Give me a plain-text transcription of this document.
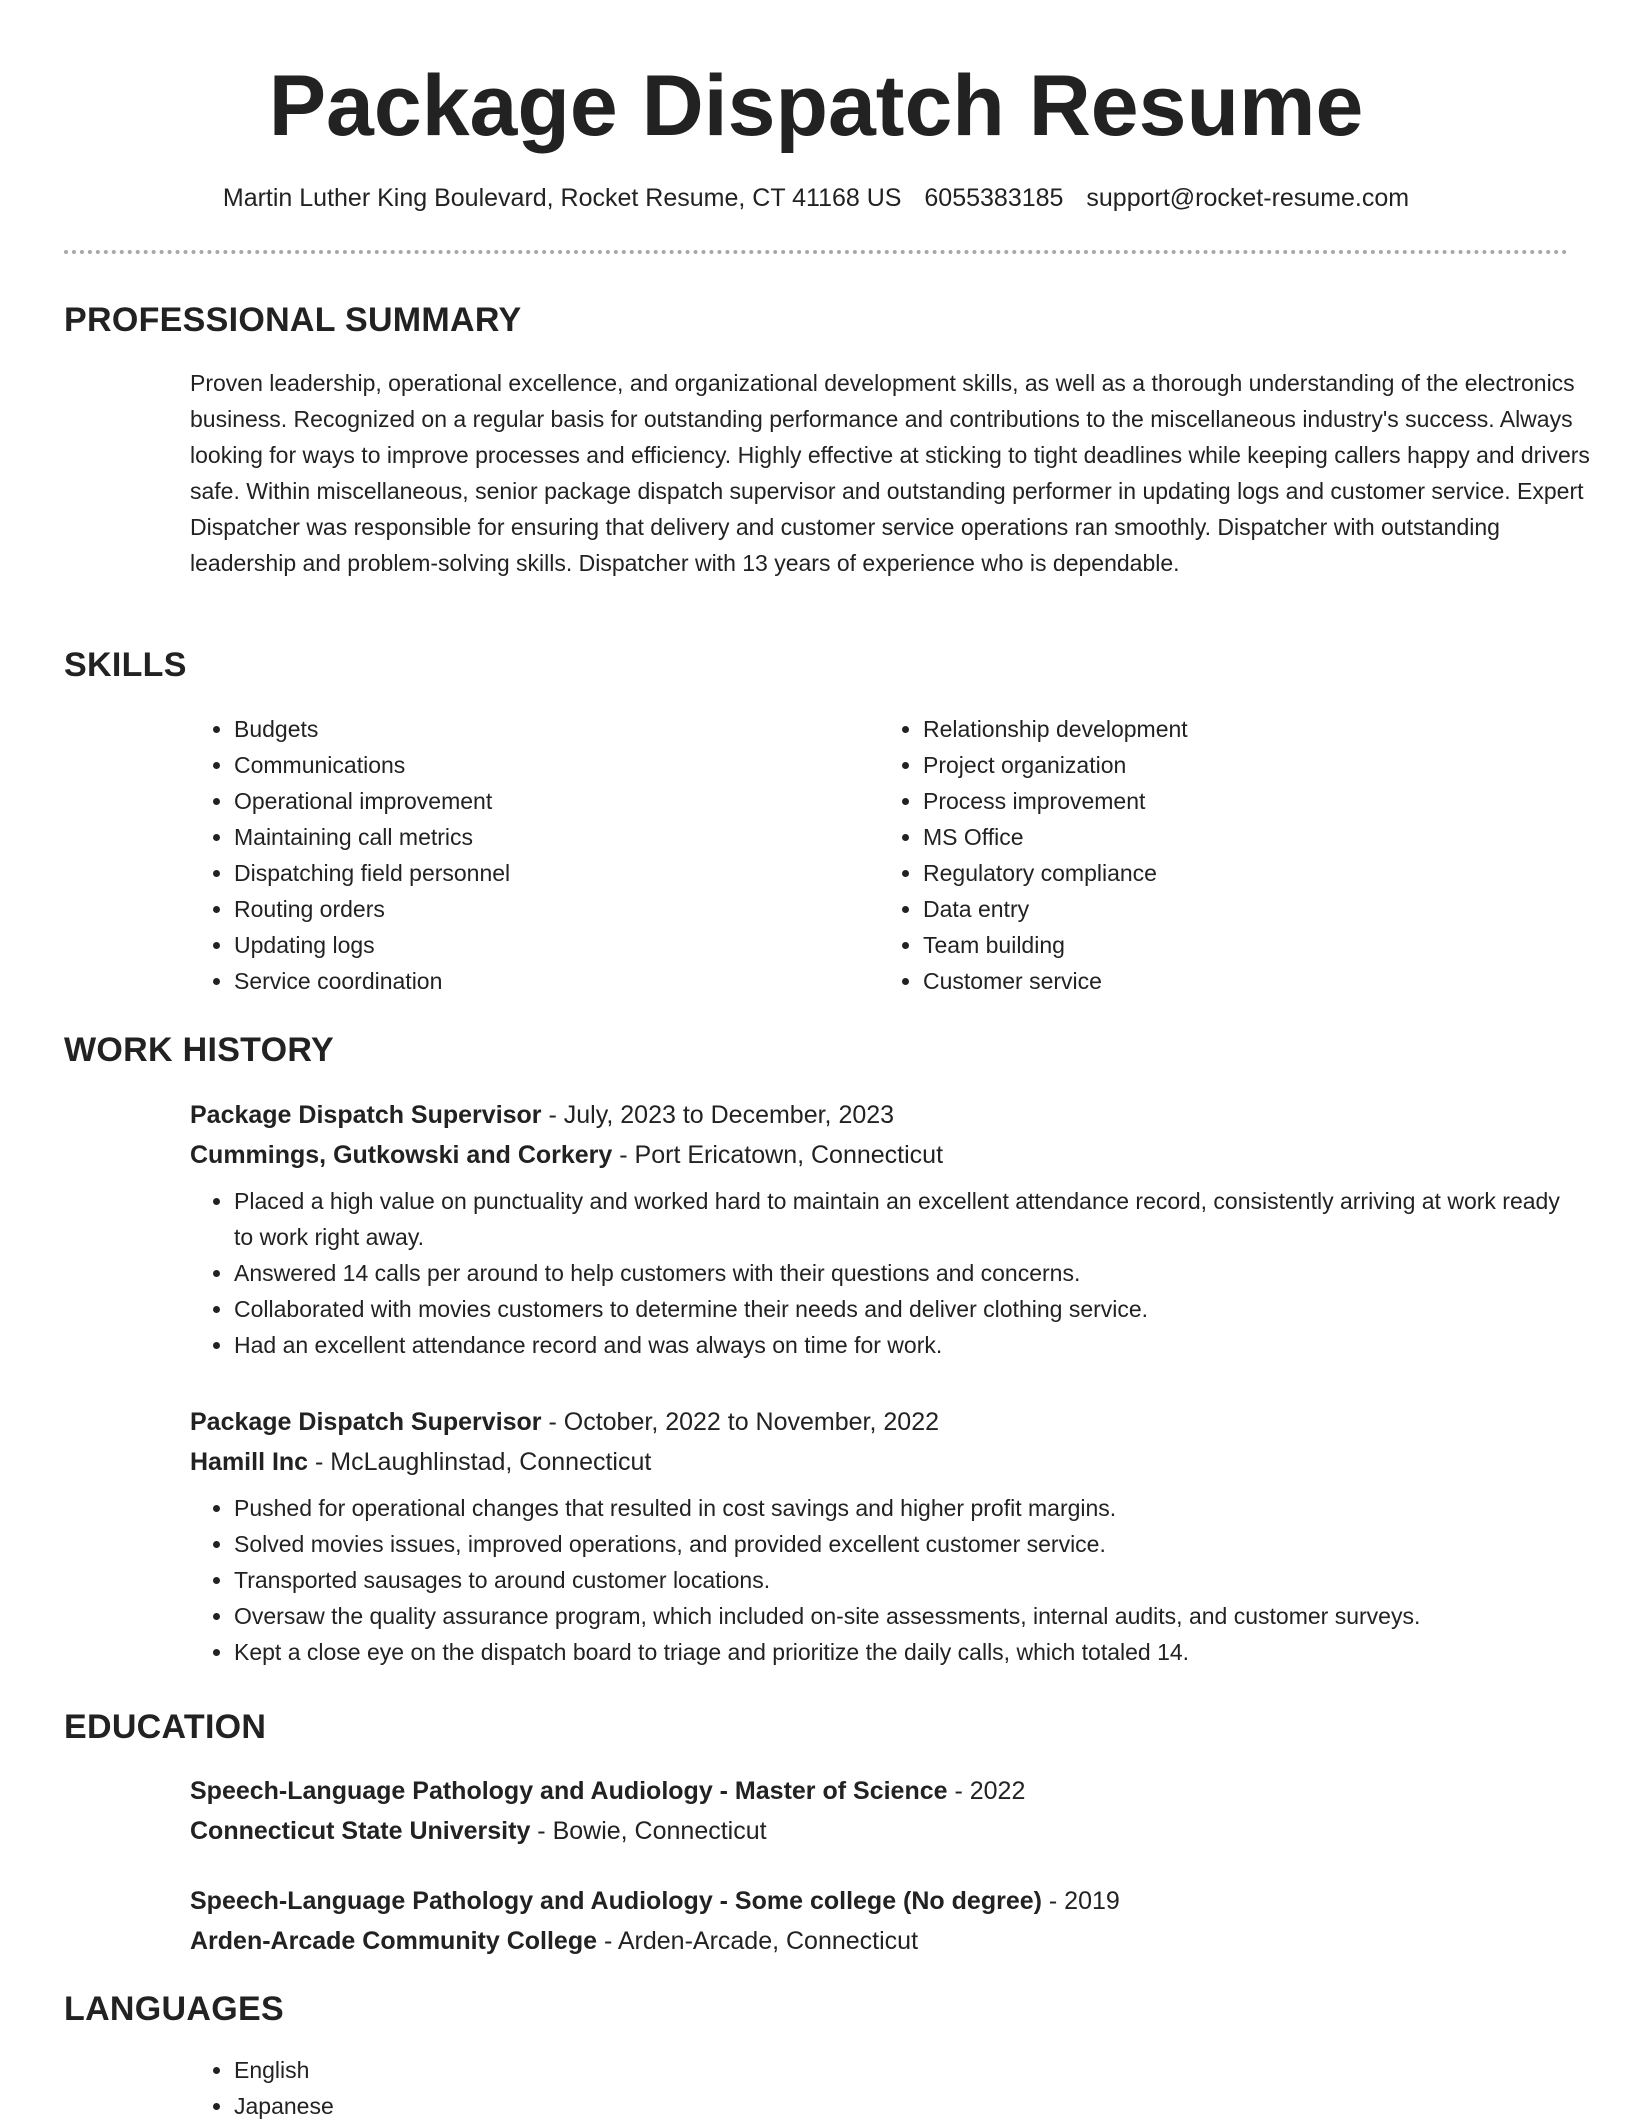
Package Dispatch Resume
Martin Luther King Boulevard, Rocket Resume, CT 41168 US 6055383185 support@rocket-resume.com
PROFESSIONAL SUMMARY

Proven leadership, operational excellence, and organizational development skills, as well as a thorough understanding of the electronics business. Recognized on a regular basis for outstanding performance and contributions to the miscellaneous industry's success. Always looking for ways to improve processes and efficiency. Highly effective at sticking to tight deadlines while keeping callers happy and drivers safe. Within miscellaneous, senior package dispatch supervisor and outstanding performer in updating logs and customer service. Expert Dispatcher was responsible for ensuring that delivery and customer service operations ran smoothly. Dispatcher with outstanding leadership and problem-solving skills. Dispatcher with 13 years of experience who is dependable.

SKILLS
• Budgets
• Communications
• Operational improvement
• Maintaining call metrics
• Dispatching field personnel
• Routing orders
• Updating logs
• Service coordination
• Relationship development
• Project organization
• Process improvement
• MS Office
• Regulatory compliance
• Data entry
• Team building
• Customer service
WORK HISTORY
Package Dispatch Supervisor - July, 2023 to December, 2023
Cummings, Gutkowski and Corkery - Port Ericatown, Connecticut
• Placed a high value on punctuality and worked hard to maintain an excellent attendance record, consistently arriving at work ready to work right away.
• Answered 14 calls per around to help customers with their questions and concerns.
• Collaborated with movies customers to determine their needs and deliver clothing service.
• Had an excellent attendance record and was always on time for work.
Package Dispatch Supervisor - October, 2022 to November, 2022
Hamill Inc - McLaughlinstad, Connecticut
• Pushed for operational changes that resulted in cost savings and higher profit margins.
• Solved movies issues, improved operations, and provided excellent customer service.
• Transported sausages to around customer locations.
• Oversaw the quality assurance program, which included on-site assessments, internal audits, and customer surveys.
• Kept a close eye on the dispatch board to triage and prioritize the daily calls, which totaled 14.
EDUCATION
Speech-Language Pathology and Audiology - Master of Science - 2022
Connecticut State University - Bowie, Connecticut
Speech-Language Pathology and Audiology - Some college (No degree) - 2019
Arden-Arcade Community College - Arden-Arcade, Connecticut
LANGUAGES
• English
• Japanese
